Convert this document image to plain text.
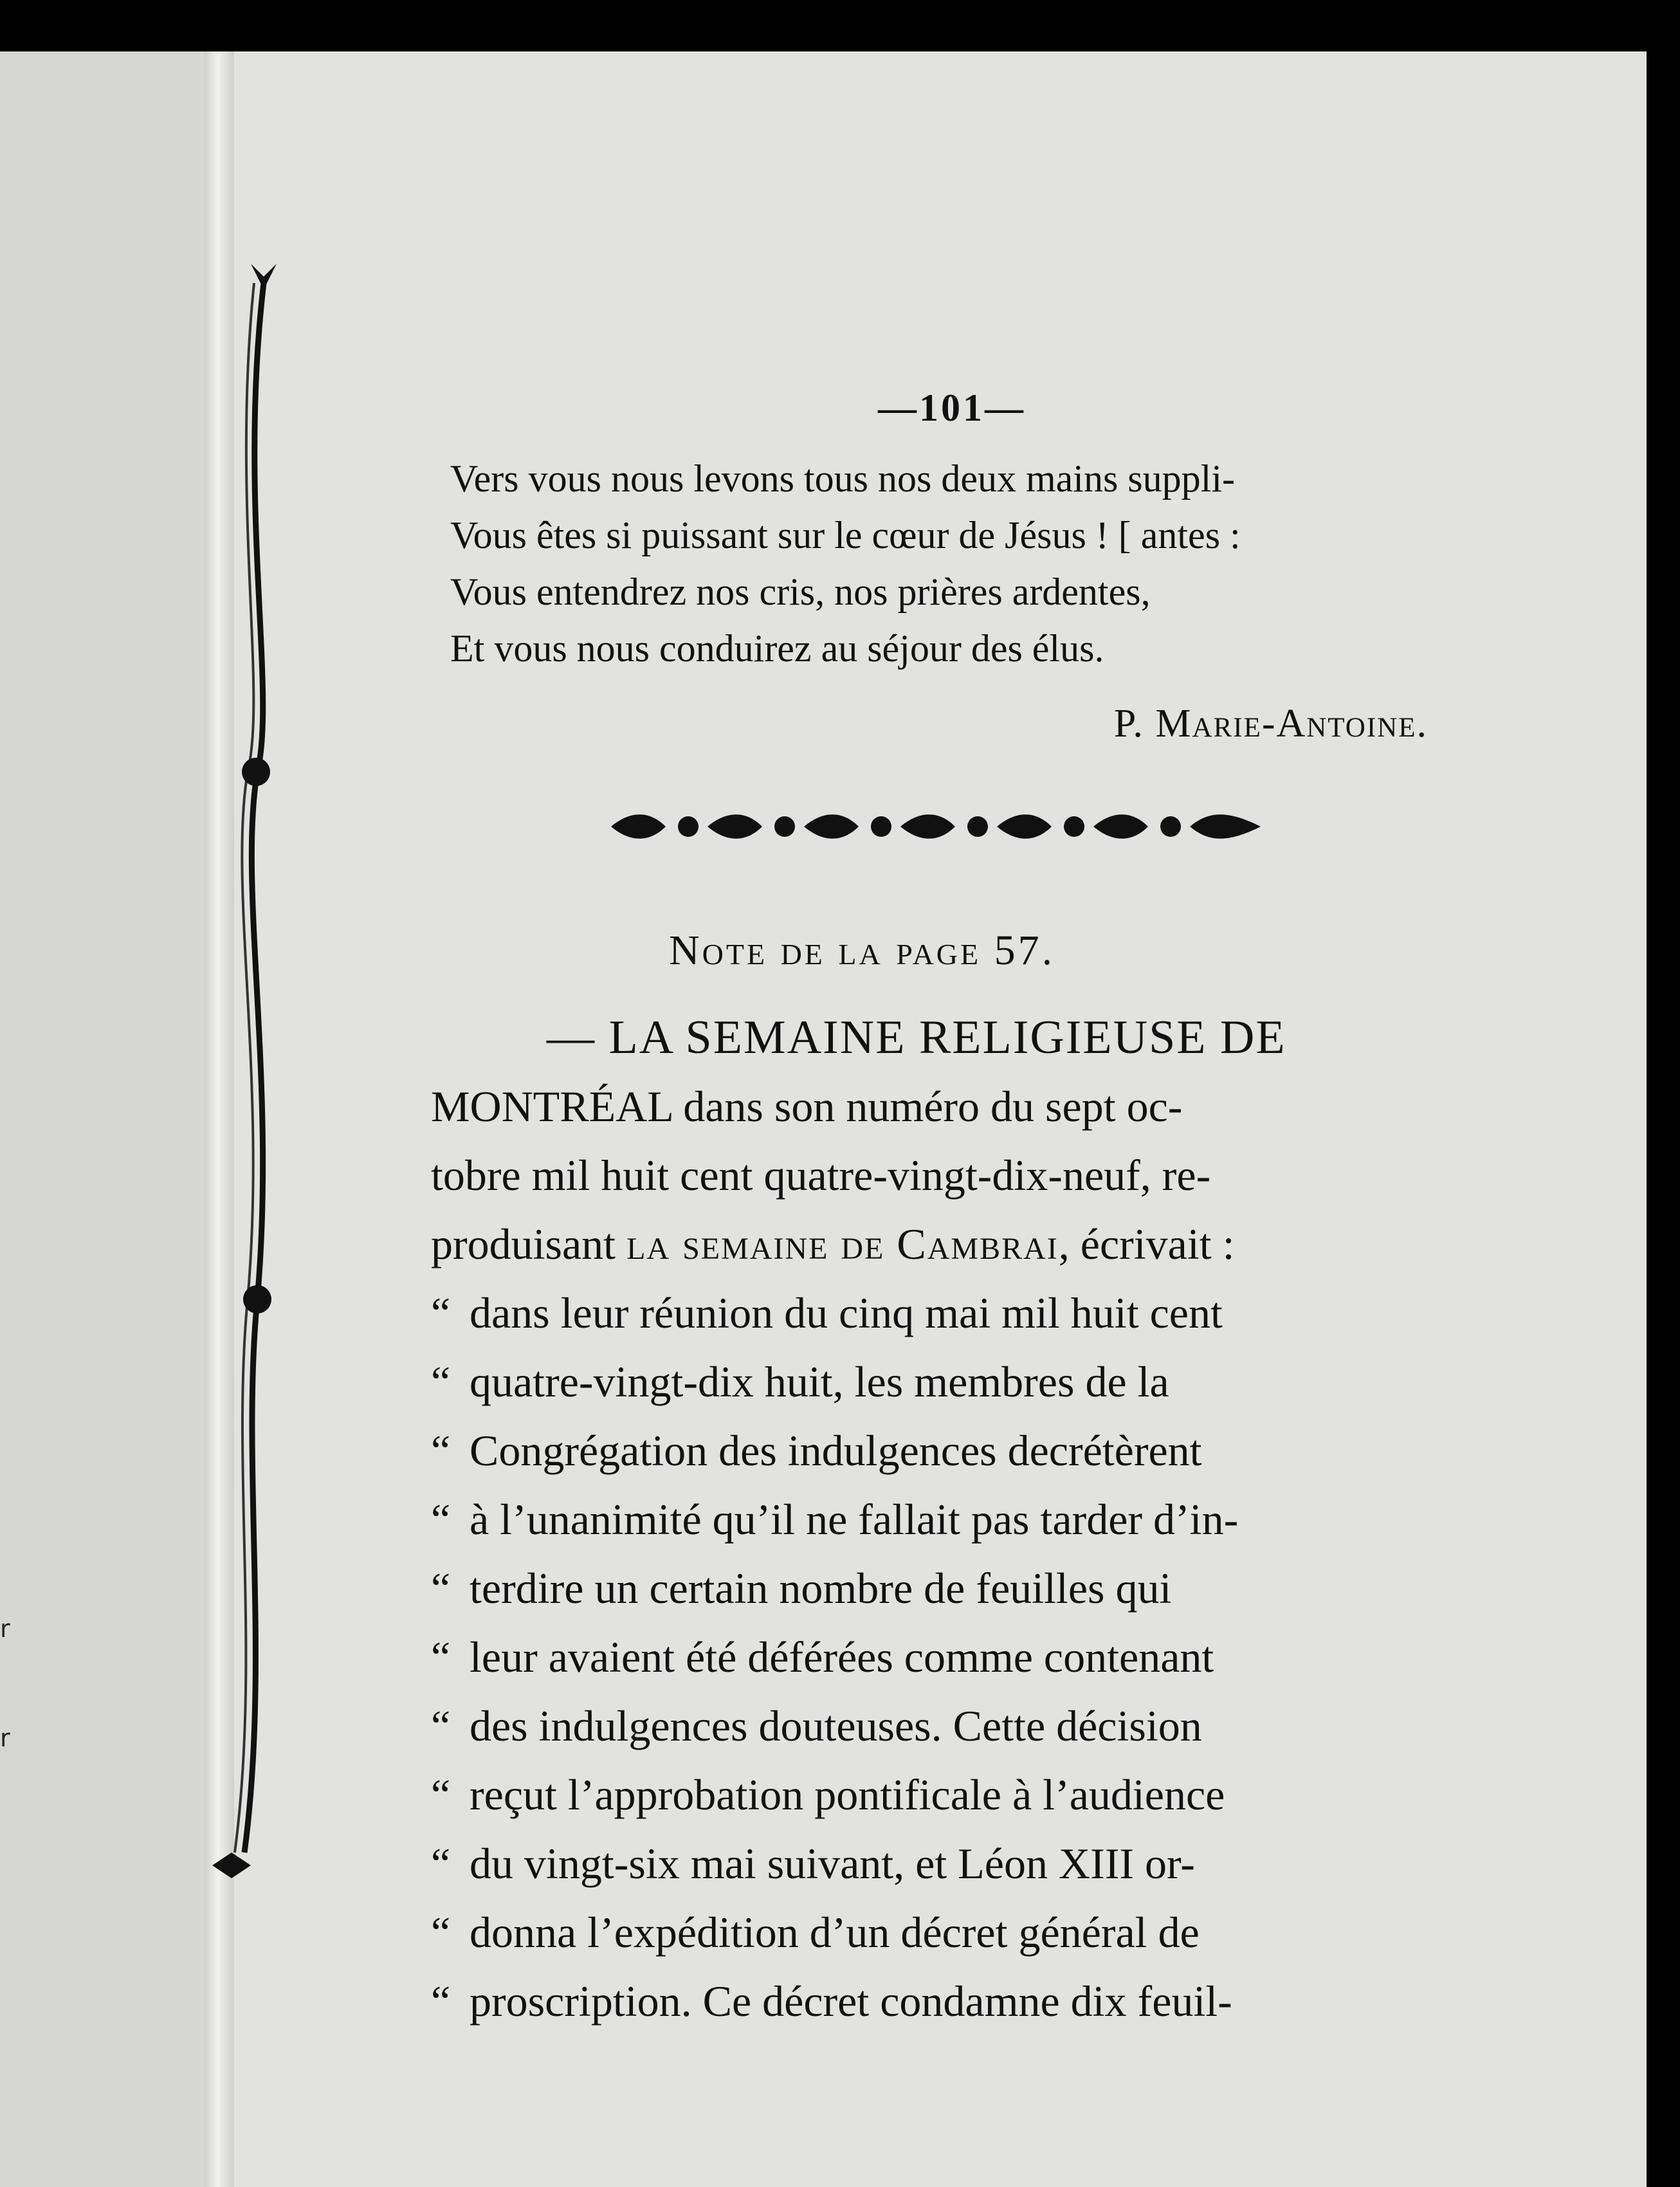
r
r
—101—
Vers vous nous levons tous nos deux mains suppli-
Vous êtes si puissant sur le cœur de Jésus ! [ antes :
Vous entendrez nos cris, nos prières ardentes,
Et vous nous conduirez au séjour des élus.
P. Marie-Antoine.
Note de la page 57.
— LA SEMAINE RELIGIEUSE DE
MONTRÉAL dans son numéro du sept oc-
tobre mil huit cent quatre-vingt-dix-neuf, re-
produisant la semaine de Cambrai, écrivait :
“ dans leur réunion du cinq mai mil huit cent
“ quatre-vingt-dix huit, les membres de la
“ Congrégation des indulgences decrétèrent
“ à l’unanimité qu’il ne fallait pas tarder d’in-
“ terdire un certain nombre de feuilles qui
“ leur avaient été déférées comme contenant
“ des indulgences douteuses. Cette décision
“ reçut l’approbation pontificale à l’audience
“ du vingt-six mai suivant, et Léon XIII or-
“ donna l’expédition d’un décret général de
“ proscription. Ce décret condamne dix feuil-
